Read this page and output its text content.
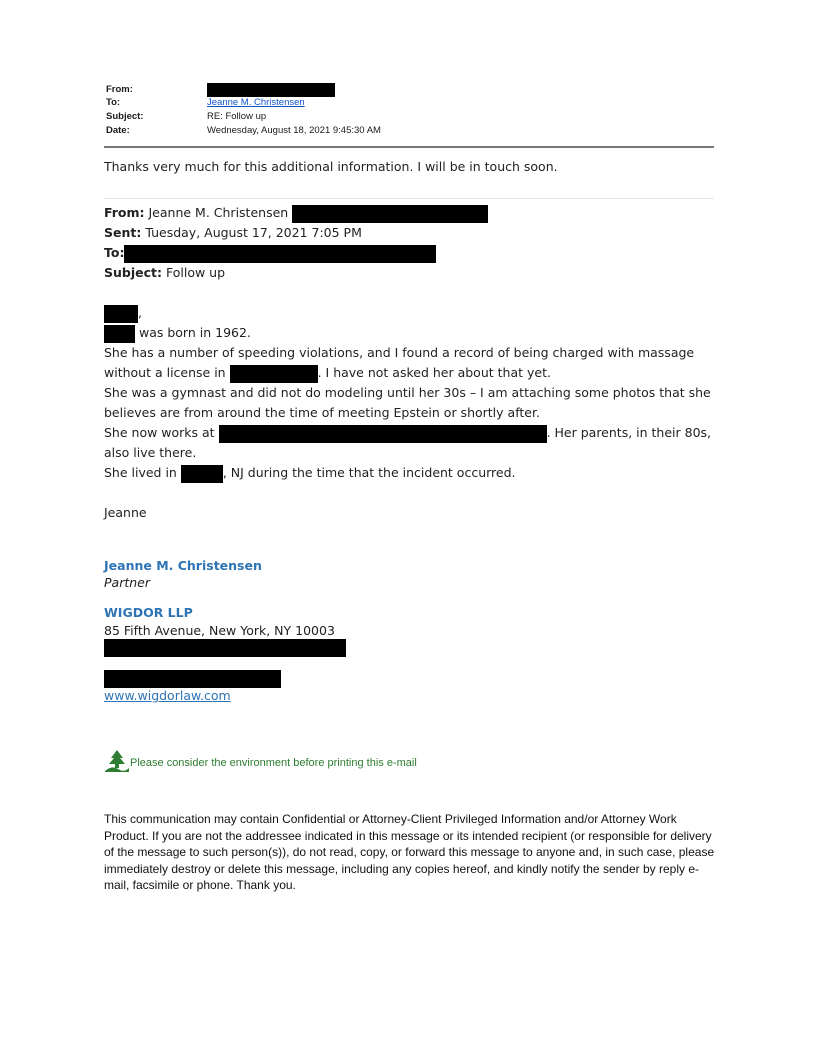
From:
To:	Jeanne M. Christensen
Subject:	RE: Follow up
Date:	Wednesday, August 18, 2021 9:45:30 AM
Thanks very much for this additional information. I will be in touch soon.
From: Jeanne M. Christensen
Sent: Tuesday, August 17, 2021 7:05 PM
To:
Subject: Follow up
,
was born in 1962.
She has a number of speeding violations, and I found a record of being charged with massage
without a license in	. I have not asked her about that yet.
She was a gymnast and did not do modeling until her 30s – I am attaching some photos that she
believes are from around the time of meeting Epstein or shortly after.
She now works at	. Her parents, in their 80s,
also live there.
She lived in	, NJ during the time that the incident occurred.
Jeanne
Jeanne M. Christensen
Partner
WIGDOR LLP
85 Fifth Avenue, New York, NY 10003
www.wigdorlaw.com
Please consider the environment before printing this e-mail
This communication may contain Confidential or Attorney-Client Privileged Information and/or Attorney Work Product. If you are not the addressee indicated in this message or its intended recipient (or responsible for delivery of the message to such person(s)), do not read, copy, or forward this message to anyone and, in such case, please immediately destroy or delete this message, including any copies hereof, and kindly notify the sender by reply e-mail, facsimile or phone. Thank you.
